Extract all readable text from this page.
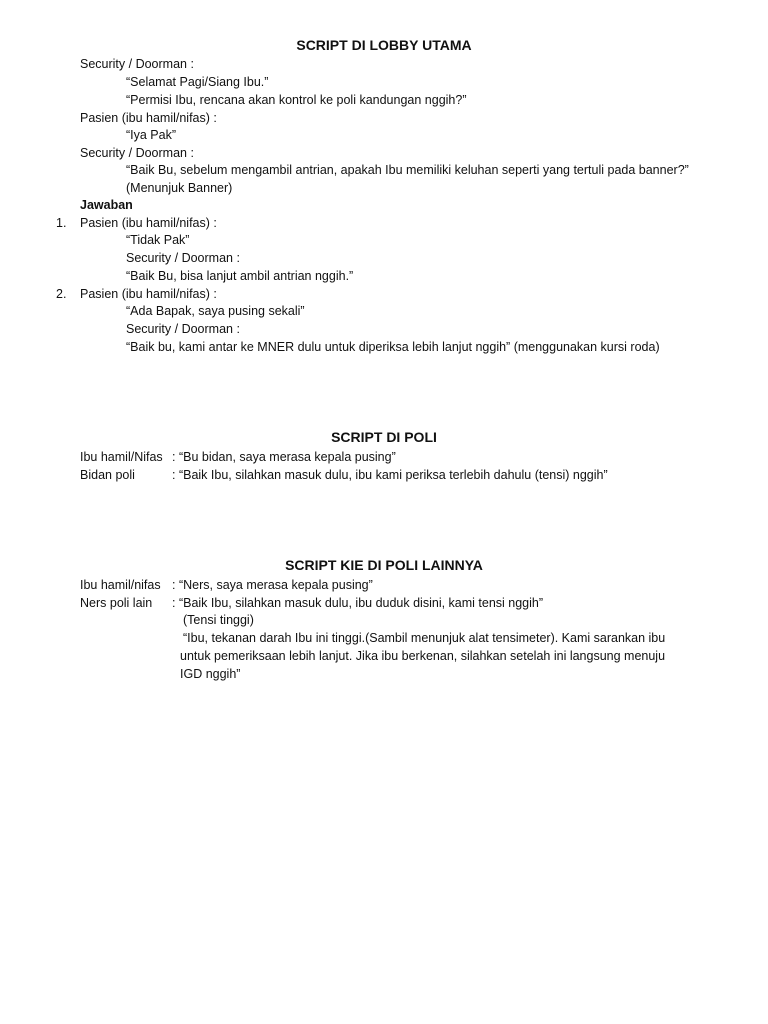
SCRIPT DI LOBBY UTAMA
Security / Doorman :
“Selamat Pagi/Siang Ibu.”
“Permisi Ibu, rencana akan kontrol ke poli kandungan nggih?”
Pasien (ibu hamil/nifas) :
“Iya Pak”
Security / Doorman :
“Baik Bu, sebelum mengambil antrian, apakah Ibu memiliki keluhan seperti yang tertuli pada banner?”
(Menunjuk Banner)
Jawaban
1. Pasien (ibu hamil/nifas) :
“Tidak Pak”
Security / Doorman :
“Baik Bu, bisa lanjut ambil antrian nggih.”
2. Pasien (ibu hamil/nifas) :
“Ada Bapak, saya pusing sekali”
Security / Doorman :
“Baik bu, kami antar ke MNER dulu untuk diperiksa lebih lanjut nggih” (menggunakan kursi roda)
SCRIPT DI POLI
Ibu hamil/Nifas : “Bu bidan, saya merasa kepala pusing”
Bidan poli	: “Baik Ibu, silahkan masuk dulu, ibu kami periksa terlebih dahulu (tensi) nggih”
SCRIPT KIE DI POLI LAINNYA
Ibu hamil/nifas : “Ners, saya merasa kepala pusing”
Ners poli lain : “Baik Ibu, silahkan masuk dulu, ibu duduk disini, kami tensi nggih”
(Tensi tinggi)
“Ibu, tekanan darah Ibu ini tinggi.(Sambil menunjuk alat tensimeter). Kami sarankan ibu
untuk pemeriksaan lebih lanjut. Jika ibu berkenan, silahkan setelah ini langsung menuju
IGD nggih”
